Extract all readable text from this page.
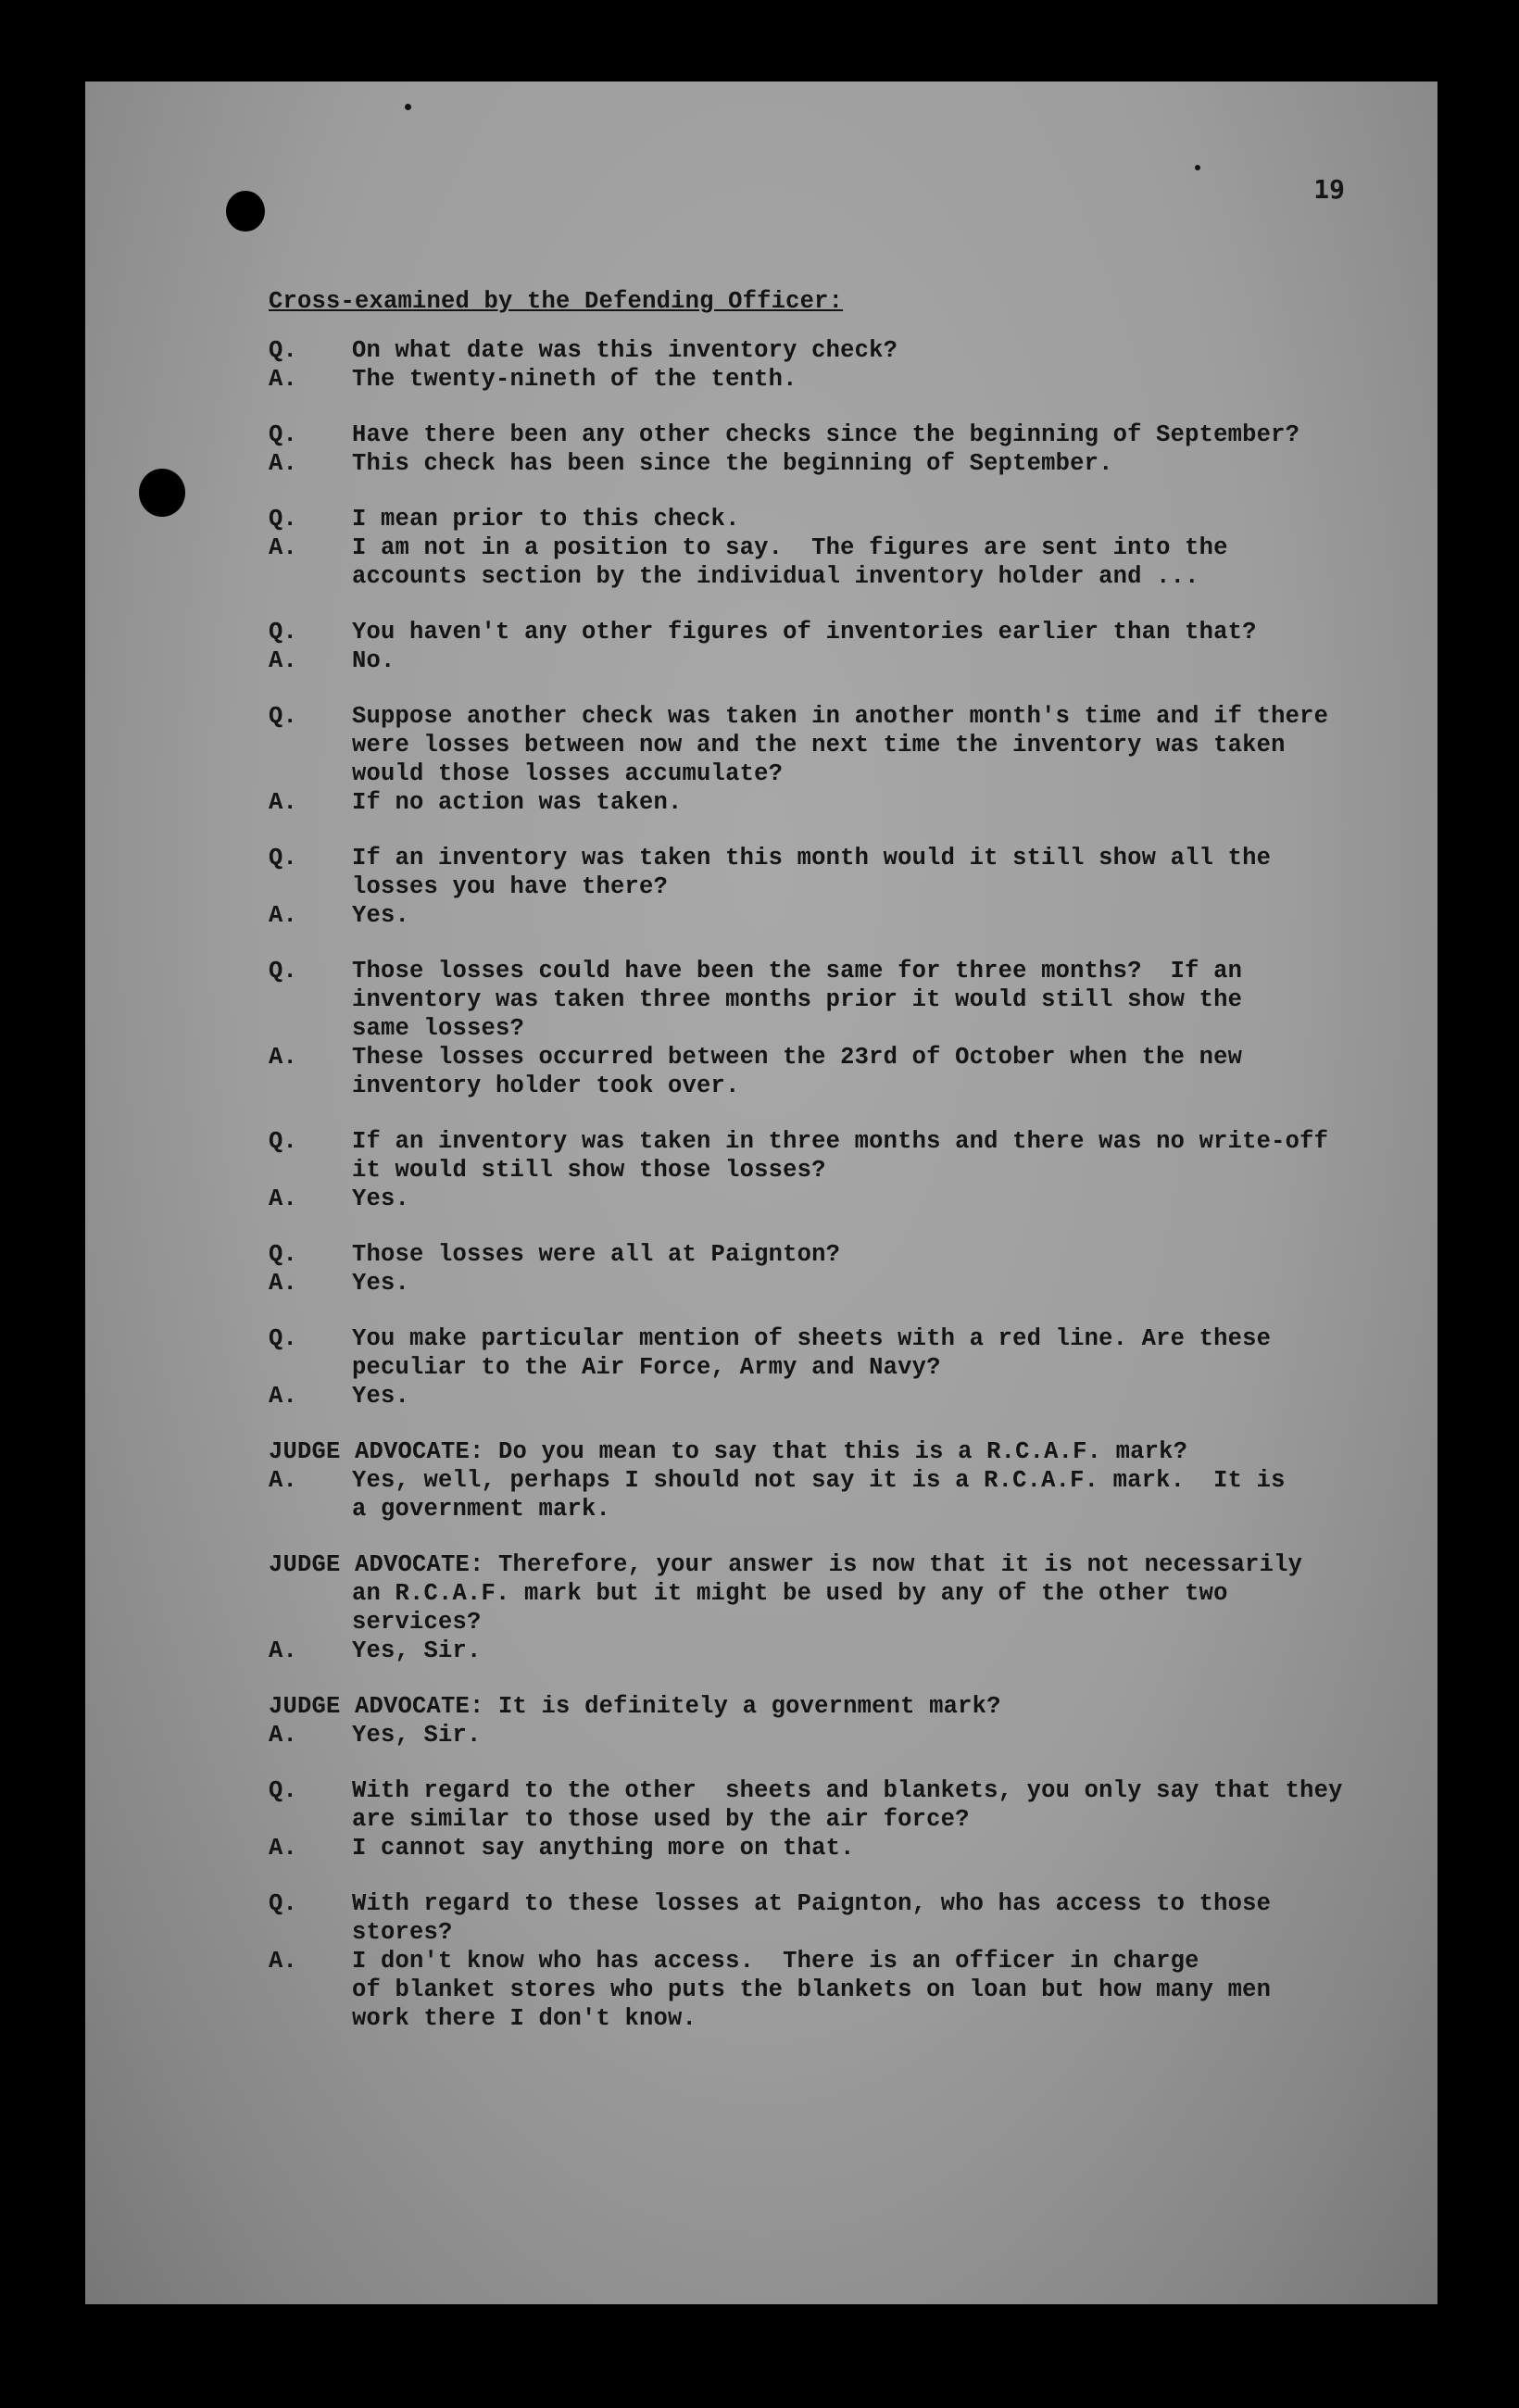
19
Cross-examined by the Defending Officer:
Q.	On what date was this inventory check?
A.	The twenty-nineth of the tenth.
Q.	Have there been any other checks since the beginning of September?
A.	This check has been since the beginning of September.
Q.	I mean prior to this check.
A.	I am not in a position to say.  The figures are sent into the
accounts section by the individual inventory holder and ...
Q.	You haven't any other figures of inventories earlier than that?
A.	No.
Q.	Suppose another check was taken in another month's time and if there
were losses between now and the next time the inventory was taken
would those losses accumulate?
A.	If no action was taken.
Q.	If an inventory was taken this month would it still show all the
losses you have there?
A.	Yes.
Q.	Those losses could have been the same for three months?  If an
inventory was taken three months prior it would still show the
same losses?
A.	These losses occurred between the 23rd of October when the new
inventory holder took over.
Q.	If an inventory was taken in three months and there was no write-off
it would still show those losses?
A.	Yes.
Q.	Those losses were all at Paignton?
A.	Yes.
Q.	You make particular mention of sheets with a red line. Are these
peculiar to the Air Force, Army and Navy?
A.	Yes.
JUDGE ADVOCATE: Do you mean to say that this is a R.C.A.F. mark?
A.	Yes, well, perhaps I should not say it is a R.C.A.F. mark.  It is
a government mark.
JUDGE ADVOCATE: Therefore, your answer is now that it is not necessarily
an R.C.A.F. mark but it might be used by any of the other two
services?
A.	Yes, Sir.
JUDGE ADVOCATE: It is definitely a government mark?
A.	Yes, Sir.
Q.	With regard to the other  sheets and blankets, you only say that they
are similar to those used by the air force?
A.	I cannot say anything more on that.
Q.	With regard to these losses at Paignton, who has access to those
stores?
A.	I don't know who has access.  There is an officer in charge
of blanket stores who puts the blankets on loan but how many men
work there I don't know.
